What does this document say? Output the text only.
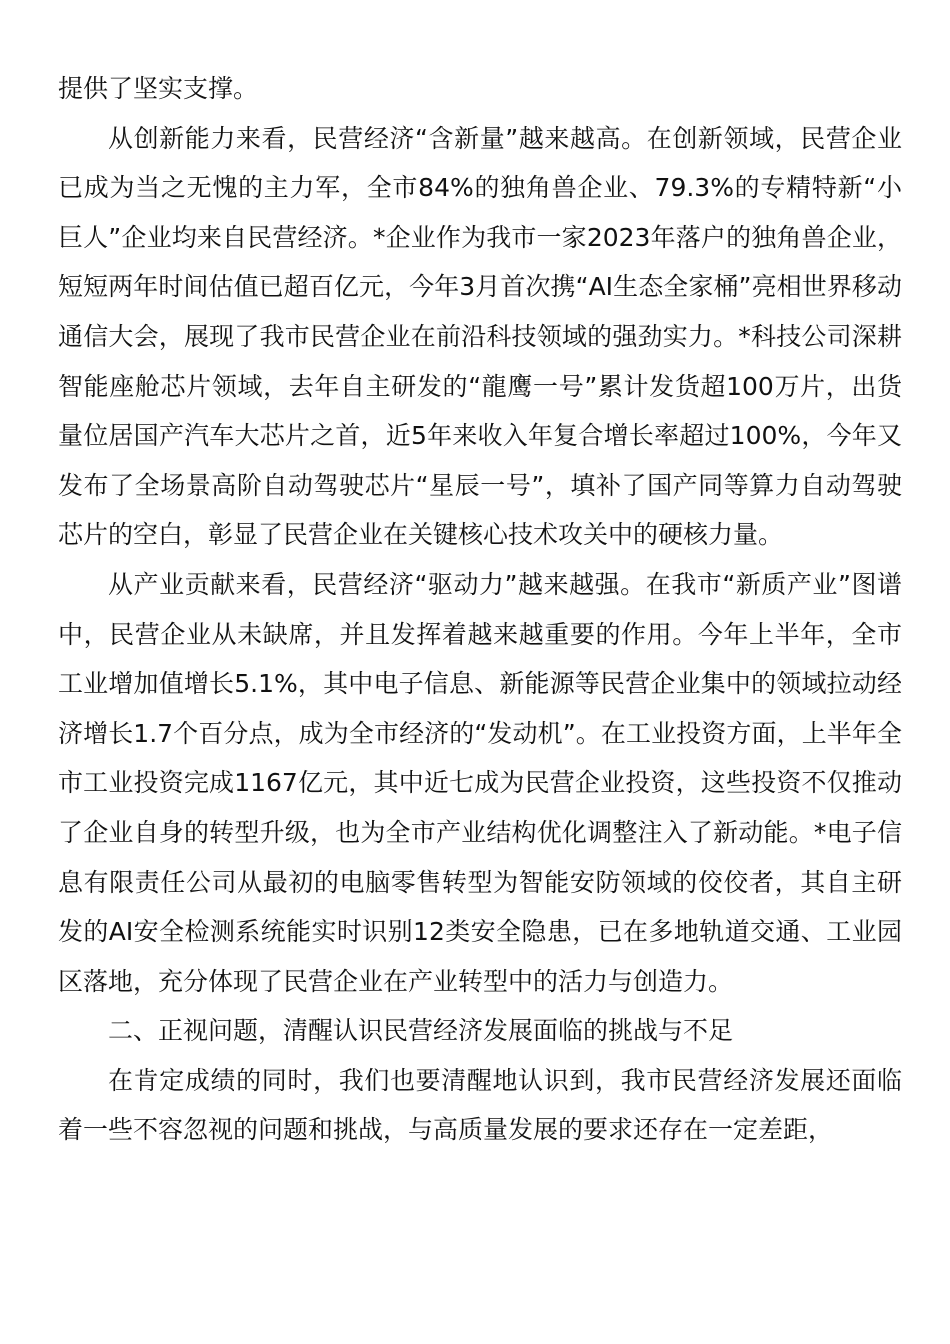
提供了坚实支撑。

从创新能力来看，民营经济“含新量”越来越高。在创新领域，民营企业已成为当之无愧的主力军，全市84%的独角兽企业、79.3%的专精特新“小巨人”企业均来自民营经济。*企业作为我市一家2023年落户的独角兽企业，短短两年时间估值已超百亿元，今年3月首次携“AI生态全家桶”亮相世界移动通信大会，展现了我市民营企业在前沿科技领域的强劲实力。*科技公司深耕智能座舱芯片领域，去年自主研发的“龍鹰一号”累计发货超100万片，出货量位居国产汽车大芯片之首，近5年来收入年复合增长率超过100%，今年又发布了全场景高阶自动驾驶芯片“星辰一号”，填补了国产同等算力自动驾驶芯片的空白，彰显了民营企业在关键核心技术攻关中的硬核力量。

从产业贡献来看，民营经济“驱动力”越来越强。在我市“新质产业”图谱中，民营企业从未缺席，并且发挥着越来越重要的作用。今年上半年，全市工业增加值增长5.1%，其中电子信息、新能源等民营企业集中的领域拉动经济增长1.7个百分点，成为全市经济的“发动机”。在工业投资方面，上半年全市工业投资完成1167亿元，其中近七成为民营企业投资，这些投资不仅推动了企业自身的转型升级，也为全市产业结构优化调整注入了新动能。*电子信息有限责任公司从最初的电脑零售转型为智能安防领域的佼佼者，其自主研发的AI安全检测系统能实时识别12类安全隐患，已在多地轨道交通、工业园区落地，充分体现了民营企业在产业转型中的活力与创造力。

二、正视问题，清醒认识民营经济发展面临的挑战与不足

在肯定成绩的同时，我们也要清醒地认识到，我市民营经济发展还面临着一些不容忽视的问题和挑战，与高质量发展的要求还存在一定差距，
